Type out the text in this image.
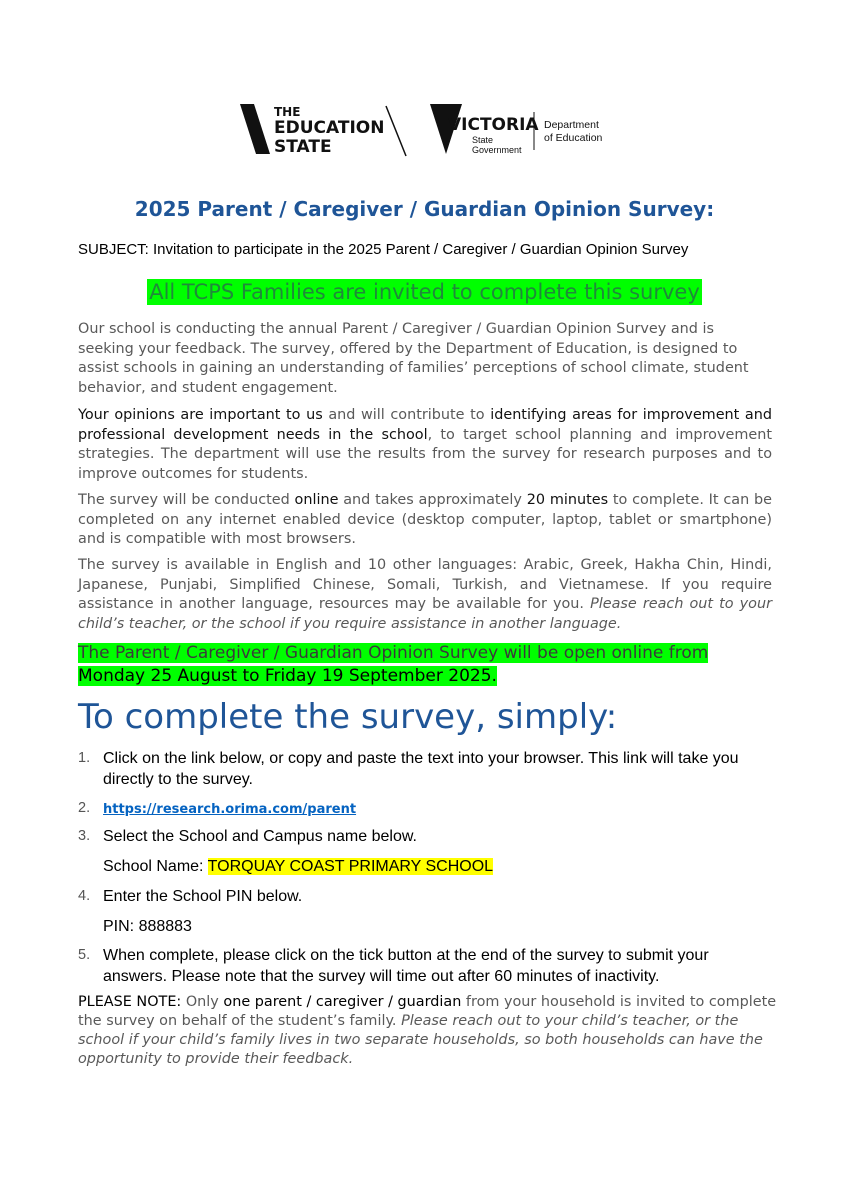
THE
EDUCATION
STATE
VICTORIA
State
Government
Department
of Education
2025 Parent / Caregiver / Guardian Opinion Survey:
SUBJECT: Invitation to participate in the 2025 Parent / Caregiver / Guardian Opinion Survey
All TCPS Families are invited to complete this survey
Our school is conducting the annual Parent / Caregiver / Guardian Opinion Survey and is seeking your feedback. The survey, offered by the Department of Education, is designed to assist schools in gaining an understanding of families’ perceptions of school climate, student behavior, and student engagement.
Your opinions are important to us and will contribute to identifying areas for improvement and professional development needs in the school, to target school planning and improvement strategies. The department will use the results from the survey for research purposes and to improve outcomes for students.
The survey will be conducted online and takes approximately 20 minutes to complete. It can be completed on any internet enabled device (desktop computer, laptop, tablet or smartphone) and is compatible with most browsers.
The survey is available in English and 10 other languages: Arabic, Greek, Hakha Chin, Hindi, Japanese, Punjabi, Simplified Chinese, Somali, Turkish, and Vietnamese. If you require assistance in another language, resources may be available for you. Please reach out to your child’s teacher, or the school if you require assistance in another language.
The Parent / Caregiver / Guardian Opinion Survey will be open online from
Monday 25 August to Friday 19 September 2025.
To complete the survey, simply:
1. Click on the link below, or copy and paste the text into your browser. This link will take you directly to the survey.
2. https://research.orima.com/parent
3. Select the School and Campus name below.
School Name: TORQUAY COAST PRIMARY SCHOOL
4. Enter the School PIN below.
PIN: 888883
5. When complete, please click on the tick button at the end of the survey to submit your answers. Please note that the survey will time out after 60 minutes of inactivity.
PLEASE NOTE: Only one parent / caregiver / guardian from your household is invited to complete the survey on behalf of the student’s family. Please reach out to your child’s teacher, or the school if your child’s family lives in two separate households, so both households can have the opportunity to provide their feedback.
